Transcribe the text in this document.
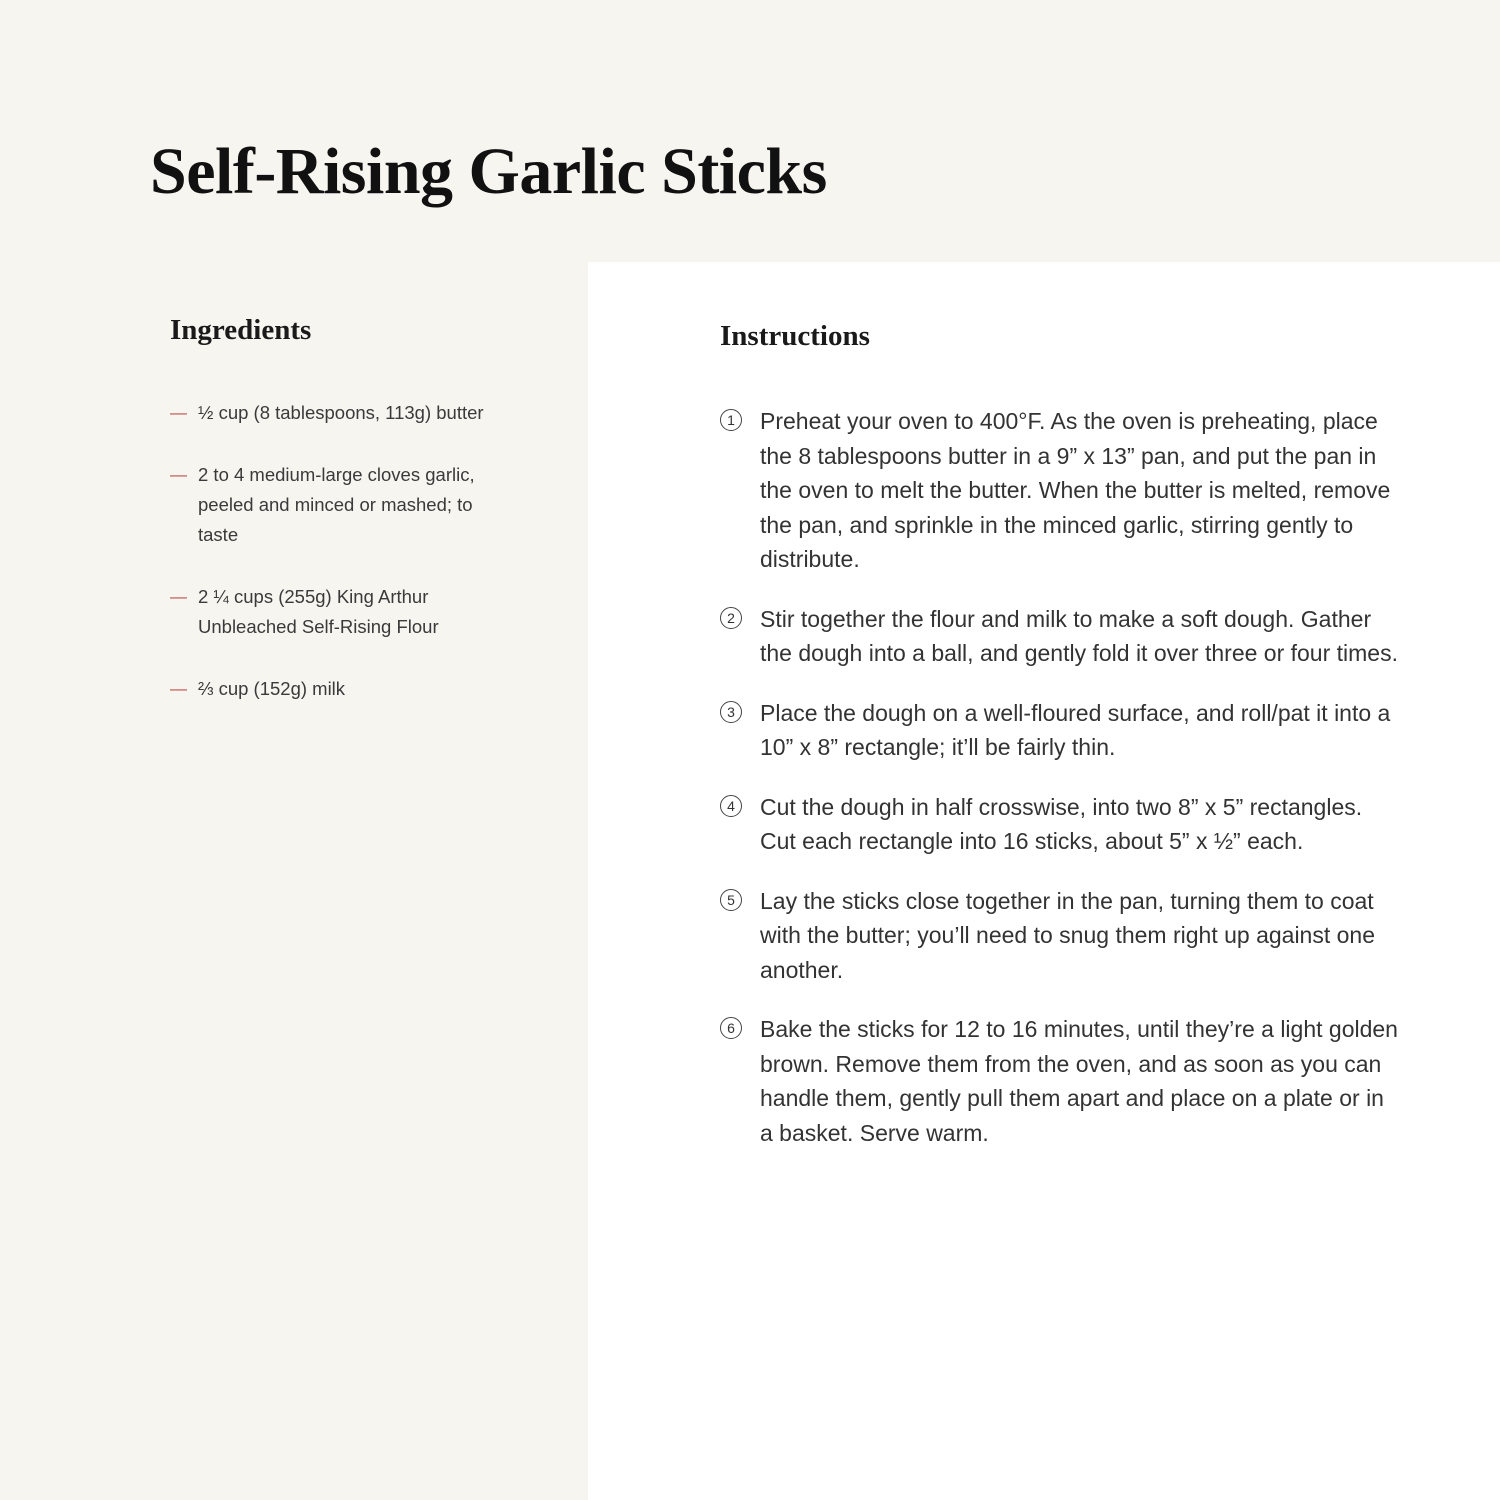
Self-Rising Garlic Sticks
Ingredients
— ½ cup (8 tablespoons, 113g) butter
— 2 to 4 medium-large cloves garlic, peeled and minced or mashed; to taste
— 2 ¼ cups (255g) King Arthur Unbleached Self-Rising Flour
— ⅔ cup (152g) milk
Instructions
1	Preheat your oven to 400°F. As the oven is preheating, place the 8 tablespoons butter in a 9” x 13” pan, and put the pan in the oven to melt the butter. When the butter is melted, remove the pan, and sprinkle in the minced garlic, stirring gently to distribute.
2	Stir together the flour and milk to make a soft dough. Gather the dough into a ball, and gently fold it over three or four times.
3	Place the dough on a well-floured surface, and roll/pat it into a 10” x 8” rectangle; it’ll be fairly thin.
4	Cut the dough in half crosswise, into two 8” x 5” rectangles. Cut each rectangle into 16 sticks, about 5” x ½” each.
5	Lay the sticks close together in the pan, turning them to coat with the butter; you’ll need to snug them right up against one another.
6	Bake the sticks for 12 to 16 minutes, until they’re a light golden brown. Remove them from the oven, and as soon as you can handle them, gently pull them apart and place on a plate or in a basket. Serve warm.
